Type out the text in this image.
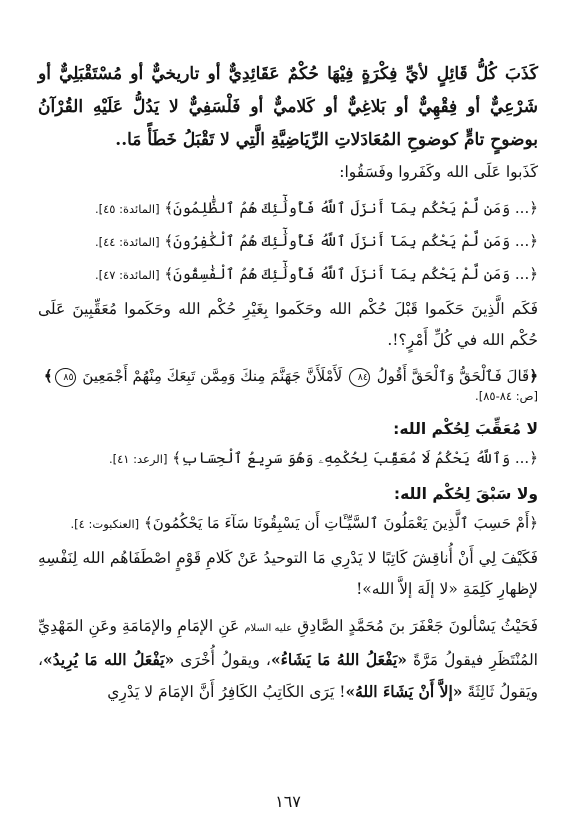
كَذَبَ كُلُّ قَائِلٍ لأيِّ فِكْرَةٍ فِيْهَا حُكْمٌ عَقَائِدِيٌّ أو تاريخيٌّ أو مُسْتَقْبَلِيٌّ أو شَرْعِيٌّ أو فِقْهِيٌّ أو بَلاغِيٌّ أو كَلاميٌّ أو فَلْسَفِيٌّ لا يَدُلُّ عَلَيْهِ القُرْآنُ بوضوحٍ تامٍّ كوضوحِ المُعَادَلاتِ الرِّيَاضِيَّةِ الَّتِي لا تَقْبَلُ خَطَأً مَا..

كَذَبوا عَلَى الله وكَفَروا وفَسَقُوا:

﴿... وَمَن لَّمْ يَحْكُم بِمَآ أَنزَلَ ٱللَّهُ فَأُولَٰٓئِكَ هُمُ ٱلظَّٰلِمُونَ﴾ [المائدة: ٤٥].

﴿... وَمَن لَّمْ يَحْكُم بِمَآ أَنزَلَ ٱللَّهُ فَأُولَٰٓئِكَ هُمُ ٱلْكَٰفِرُونَ﴾ [المائدة: ٤٤].

﴿... وَمَن لَّمْ يَحْكُم بِمَآ أَنزَلَ ٱللَّهُ فَأُولَٰٓئِكَ هُمُ ٱلْفَٰسِقُونَ﴾ [المائدة: ٤٧].

فَكَم الَّذِينَ حَكَموا قَبْلَ حُكْم الله وحَكَموا بِغَيْرِ حُكْم الله وحَكَموا مُعَقِّبِينَ عَلَى حُكْم الله في كُلِّ أَمْرٍ؟!.

﴿قَالَ فَٱلْحَقُّ وَٱلْحَقَّ أَقُولُ ٨٤ لَأَمْلَأَنَّ جَهَنَّمَ مِنكَ وَمِمَّن تَبِعَكَ مِنْهُمْ أَجْمَعِينَ ٨٥﴾

[ص: ٨٤-٨٥].

لا مُعَقِّبَ لِحُكْم الله:

﴿... وَٱللَّهُ يَحْكُمُ لَا مُعَقِّبَ لِحُكْمِهِۦ وَهُوَ سَرِيعُ ٱلْحِسَابِ﴾ [الرعد: ٤١].

ولا سَبْقَ لِحُكْم الله:

﴿أَمْ حَسِبَ ٱلَّذِينَ يَعْمَلُونَ ٱلسَّيِّـَٔاتِ أَن يَسْبِقُونَا سَآءَ مَا يَحْكُمُونَ﴾ [العنكبوت: ٤].

فَكَيْفَ لِي أَنْ أُناقِشَ كَاتِبًا لا يَدْرِي مَا التوحيدُ عَنْ كَلامِ قَوْمٍ اصْطَفَاهُم الله لِنَفْسِهِ لإظهارِ كَلِمَةِ «لا إلَهَ إلاَّ الله»!

فَحَيْثُ يَسْألونَ جَعْفَرَ بنَ مُحَمَّدٍ الصَّادِقِ عليه السلام عَنِ الإمَامِ والإمَامَةِ وعَنِ المَهْدِيِّ المُنْتَظَرِ فيقولُ مَرَّةً «يَفْعَلُ اللهُ مَا يَشَاءُ»، ويقولُ أُخْرَى «يَفْعَلُ الله مَا يُرِيدُ»، ويَقولُ ثَالِثَةً «إلاَّ أَنْ يَشَاءَ اللهُ»! يَرَى الكَاتِبُ الكَافِرُ أَنَّ الإمَامَ لا يَدْرِي

١٦٧
